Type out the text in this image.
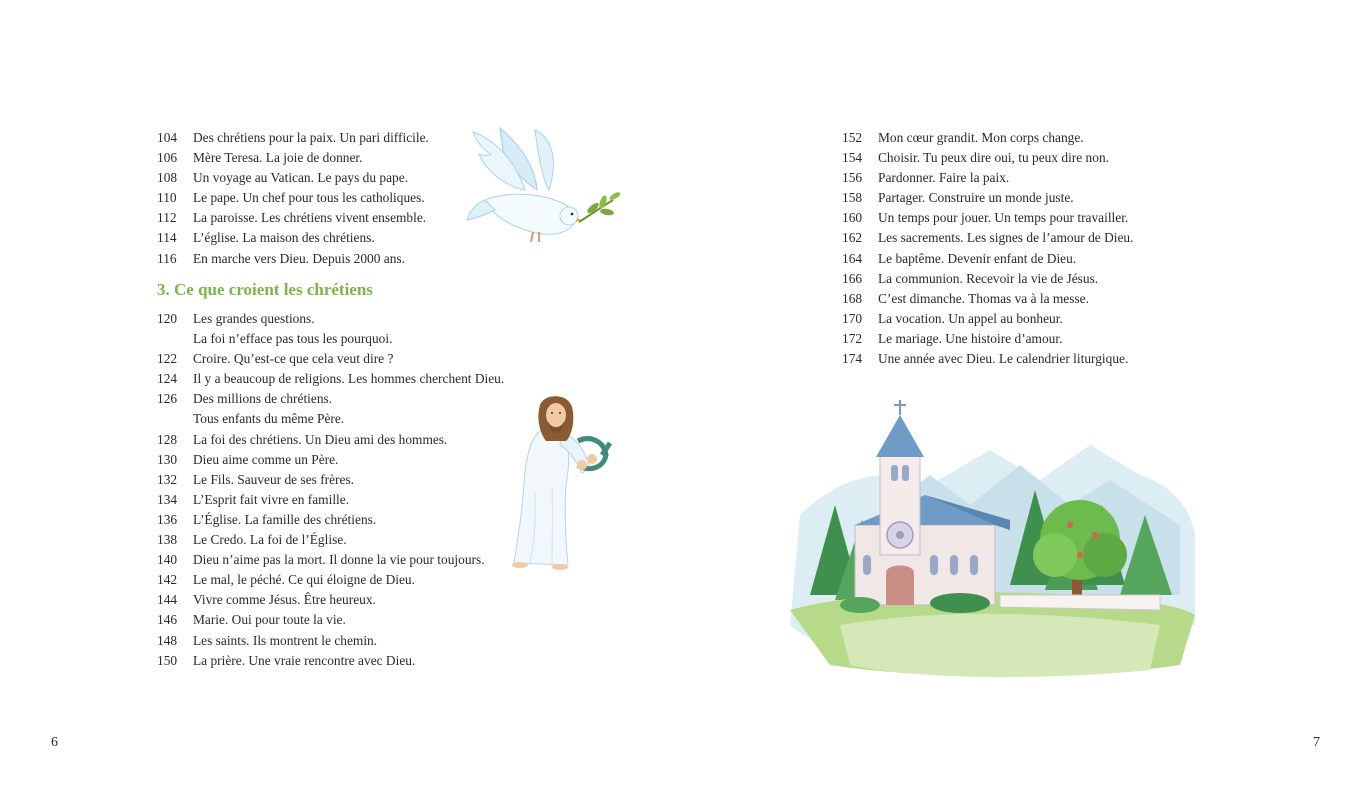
104 Des chrétiens pour la paix. Un pari difficile.
106 Mère Teresa. La joie de donner.
108 Un voyage au Vatican. Le pays du pape.
110 Le pape. Un chef pour tous les catholiques.
112 La paroisse. Les chrétiens vivent ensemble.
114 L’église. La maison des chrétiens.
116 En marche vers Dieu. Depuis 2000 ans.
3. Ce que croient les chrétiens
120 Les grandes questions.
La foi n’efface pas tous les pourquoi.
122 Croire. Qu’est-ce que cela veut dire ?
124 Il y a beaucoup de religions. Les hommes cherchent Dieu.
126 Des millions de chrétiens.
Tous enfants du même Père.
128 La foi des chrétiens. Un Dieu ami des hommes.
130 Dieu aime comme un Père.
132 Le Fils. Sauveur de ses frères.
134 L’Esprit fait vivre en famille.
136 L’Église. La famille des chrétiens.
138 Le Credo. La foi de l’Église.
140 Dieu n’aime pas la mort. Il donne la vie pour toujours.
142 Le mal, le péché. Ce qui éloigne de Dieu.
144 Vivre comme Jésus. Être heureux.
146 Marie. Oui pour toute la vie.
148 Les saints. Ils montrent le chemin.
150 La prière. Une vraie rencontre avec Dieu.
152 Mon cœur grandit. Mon corps change.
154 Choisir. Tu peux dire oui, tu peux dire non.
156 Pardonner. Faire la paix.
158 Partager. Construire un monde juste.
160 Un temps pour jouer. Un temps pour travailler.
162 Les sacrements. Les signes de l’amour de Dieu.
164 Le baptême. Devenir enfant de Dieu.
166 La communion. Recevoir la vie de Jésus.
168 C’est dimanche. Thomas va à la messe.
170 La vocation. Un appel au bonheur.
172 Le mariage. Une histoire d’amour.
174 Une année avec Dieu. Le calendrier liturgique.
6	7
